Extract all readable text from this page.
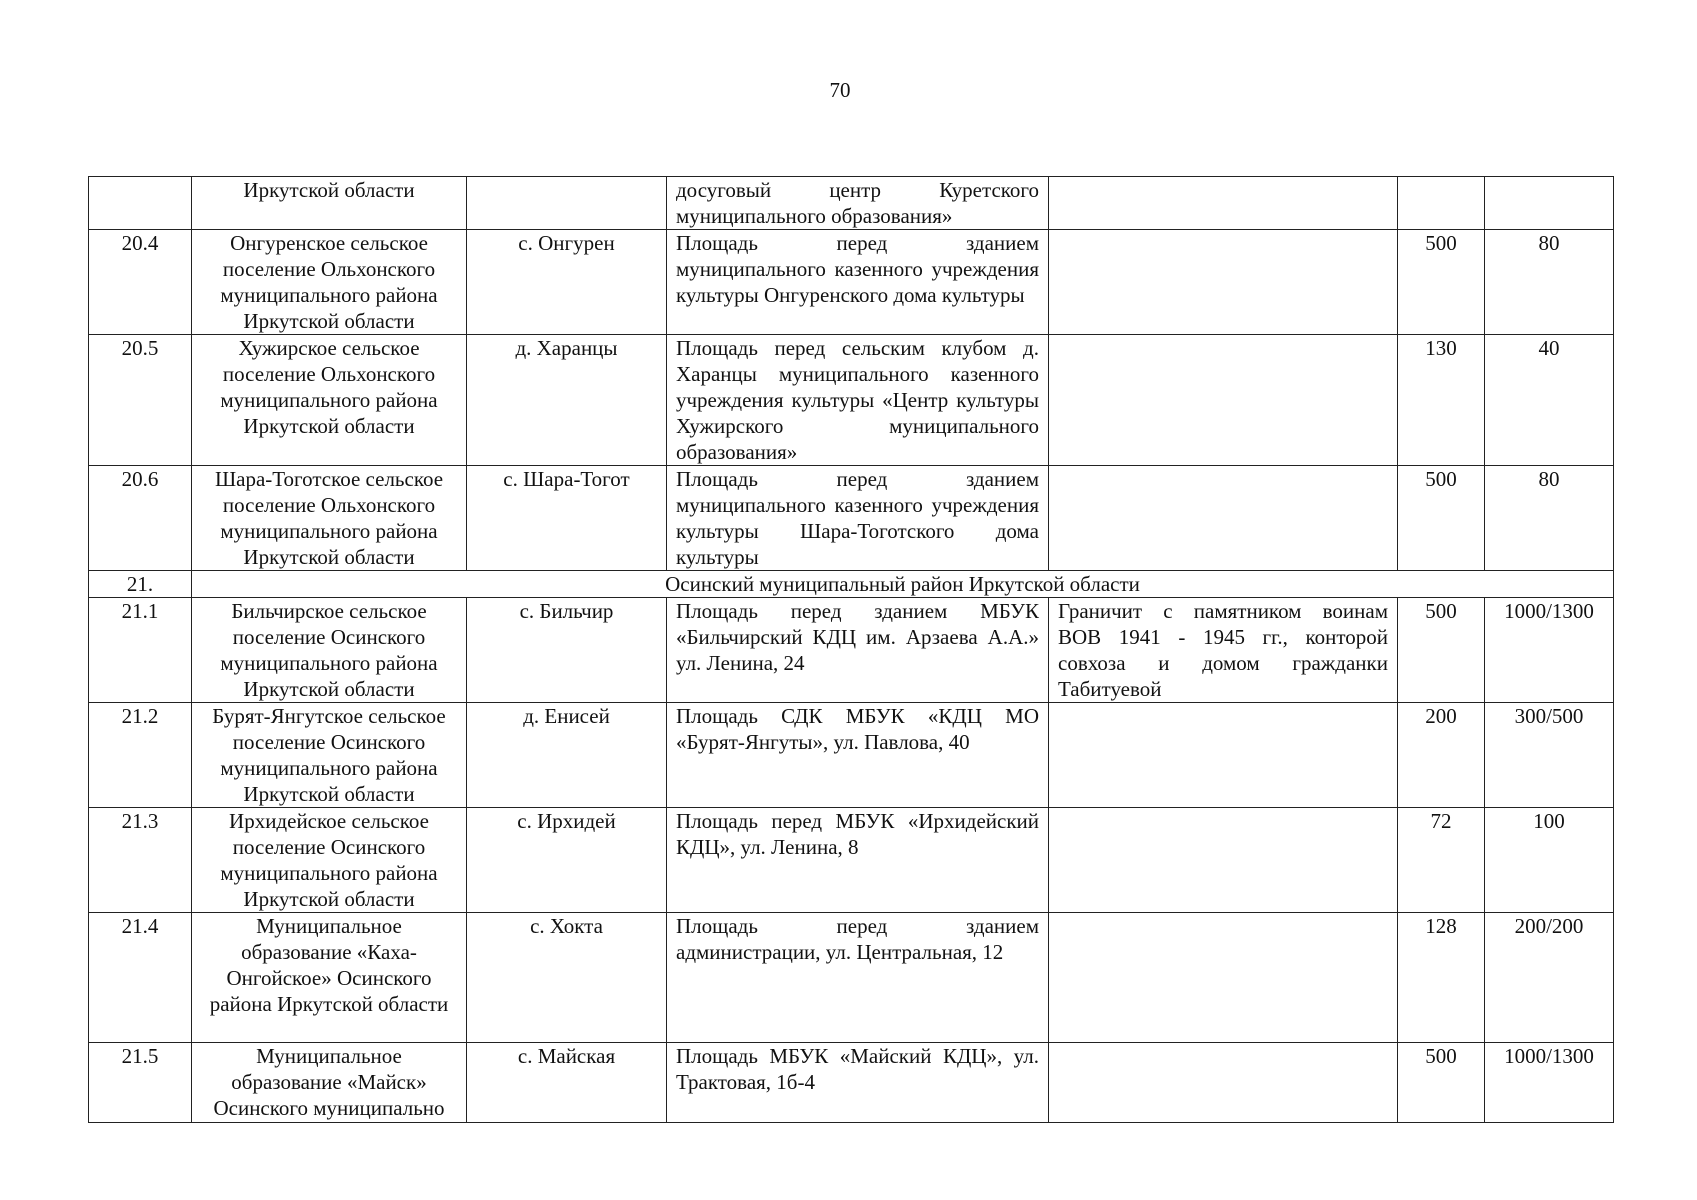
70
	Иркутской области		досуговый центр Куретского муниципального образования»			
20.4	Онгуренское сельское поселение Ольхонского муниципального района Иркутской области	с. Онгурен	Площадь перед зданием муниципального казенного учреждения культуры Онгуренского дома культуры		500	80
20.5	Хужирское сельское поселение Ольхонского муниципального района Иркутской области	д. Харанцы	Площадь перед сельским клубом д. Харанцы муниципального казенного учреждения культуры «Центр культуры Хужирского муниципального образования»		130	40
20.6	Шара-Тоготское сельское поселение Ольхонского муниципального района Иркутской области	с. Шара-Тогот	Площадь перед зданием муниципального казенного учреждения культуры Шара-Тоготского дома культуры		500	80
21.	Осинский муниципальный район Иркутской области					
21.1	Бильчирское сельское поселение Осинского муниципального района Иркутской области	с. Бильчир	Площадь перед зданием МБУК «Бильчирский КДЦ им. Арзаева А.А.» ул. Ленина, 24	Граничит с памятником воинам ВОВ 1941 - 1945 гг., конторой совхоза и домом гражданки Табитуевой	500	1000/1300
21.2	Бурят-Янгутское сельское поселение Осинского муниципального района Иркутской области	д. Енисей	Площадь СДК МБУК «КДЦ МО «Бурят-Янгуты», ул. Павлова, 40		200	300/500
21.3	Ирхидейское сельское поселение Осинского муниципального района Иркутской области	с. Ирхидей	Площадь перед МБУК «Ирхидейский КДЦ», ул. Ленина, 8		72	100
21.4	Муниципальное образование «Каха-Онгойское» Осинского района Иркутской области	с. Хокта	Площадь перед зданием администрации, ул. Центральная, 12		128	200/200
21.5	Муниципальное образование «Майск» Осинского муниципально	с. Майская	Площадь МБУК «Майский КДЦ», ул. Трактовая, 1б-4		500	1000/1300
